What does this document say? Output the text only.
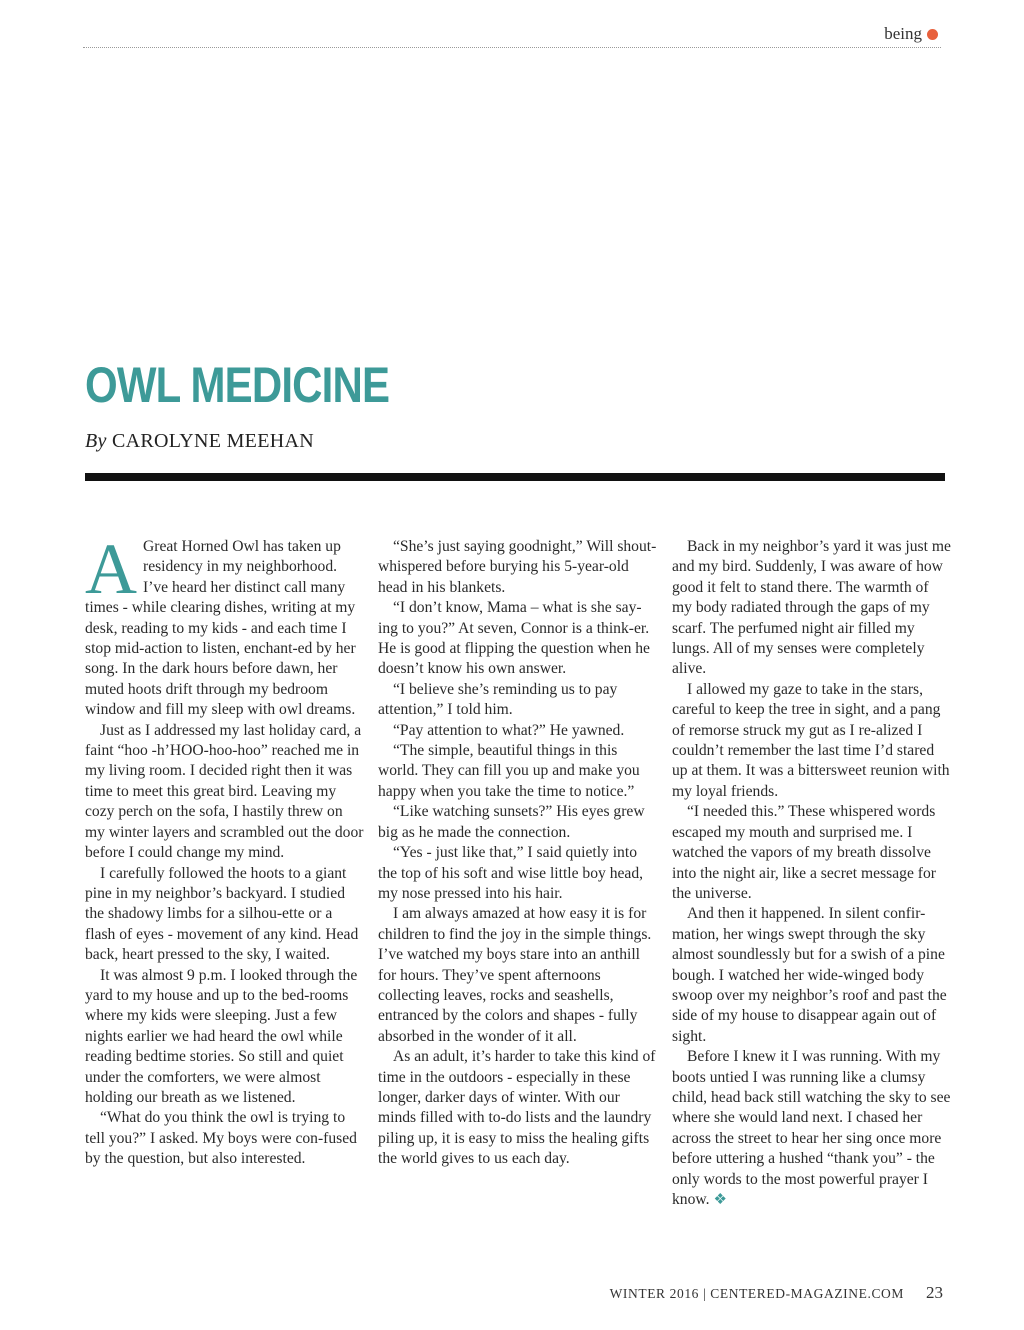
being
OWL MEDICINE
By CAROLYNE MEEHAN

A Great Horned Owl has taken up residency in my neighborhood. I’ve heard her distinct call many times - while clearing dishes, writing at my desk, reading to my kids - and each time I stop mid-action to listen, enchant-ed by her song. In the dark hours before dawn, her muted hoots drift through my bedroom window and fill my sleep with owl dreams.

Just as I addressed my last holiday card, a faint “hoo -h’HOO-hoo-hoo” reached me in my living room. I decided right then it was time to meet this great bird. Leaving my cozy perch on the sofa, I hastily threw on my winter layers and scrambled out the door before I could change my mind.

I carefully followed the hoots to a giant pine in my neighbor’s backyard. I studied the shadowy limbs for a silhou-ette or a flash of eyes - movement of any kind. Head back, heart pressed to the sky, I waited.

It was almost 9 p.m. I looked through the yard to my house and up to the bed-rooms where my kids were sleeping. Just a few nights earlier we had heard the owl while reading bedtime stories. So still and quiet under the comforters, we were almost holding our breath as we listened.

“What do you think the owl is trying to tell you?” I asked. My boys were con-fused by the question, but also interested.

“She’s just saying goodnight,” Will shout-whispered before burying his 5-year-old head in his blankets.

“I don’t know, Mama – what is she say-ing to you?” At seven, Connor is a think-er. He is good at flipping the question when he doesn’t know his own answer.

“I believe she’s reminding us to pay attention,” I told him.

“Pay attention to what?” He yawned.

“The simple, beautiful things in this world. They can fill you up and make you happy when you take the time to notice.”

“Like watching sunsets?” His eyes grew big as he made the connection.

“Yes - just like that,” I said quietly into the top of his soft and wise little boy head, my nose pressed into his hair.

I am always amazed at how easy it is for children to find the joy in the simple things. I’ve watched my boys stare into an anthill for hours. They’ve spent afternoons collecting leaves, rocks and seashells, entranced by the colors and shapes - fully absorbed in the wonder of it all.

As an adult, it’s harder to take this kind of time in the outdoors - especially in these longer, darker days of winter. With our minds filled with to-do lists and the laundry piling up, it is easy to miss the healing gifts the world gives to us each day.

Back in my neighbor’s yard it was just me and my bird. Suddenly, I was aware of how good it felt to stand there. The warmth of my body radiated through the gaps of my scarf. The perfumed night air filled my lungs. All of my senses were completely alive.

I allowed my gaze to take in the stars, careful to keep the tree in sight, and a pang of remorse struck my gut as I re-alized I couldn’t remember the last time I’d stared up at them. It was a bittersweet reunion with my loyal friends.

“I needed this.” These whispered words escaped my mouth and surprised me. I watched the vapors of my breath dissolve into the night air, like a secret message for the universe.

And then it happened. In silent confir-mation, her wings swept through the sky almost soundlessly but for a swish of a pine bough. I watched her wide-winged body swoop over my neighbor’s roof and past the side of my house to disappear again out of sight.

Before I knew it I was running. With my boots untied I was running like a clumsy child, head back still watching the sky to see where she would land next. I chased her across the street to hear her sing once more before uttering a hushed “thank you” - the only words to the most powerful prayer I know. ❖

WINTER 2016 | CENTERED-MAGAZINE.COM 23
